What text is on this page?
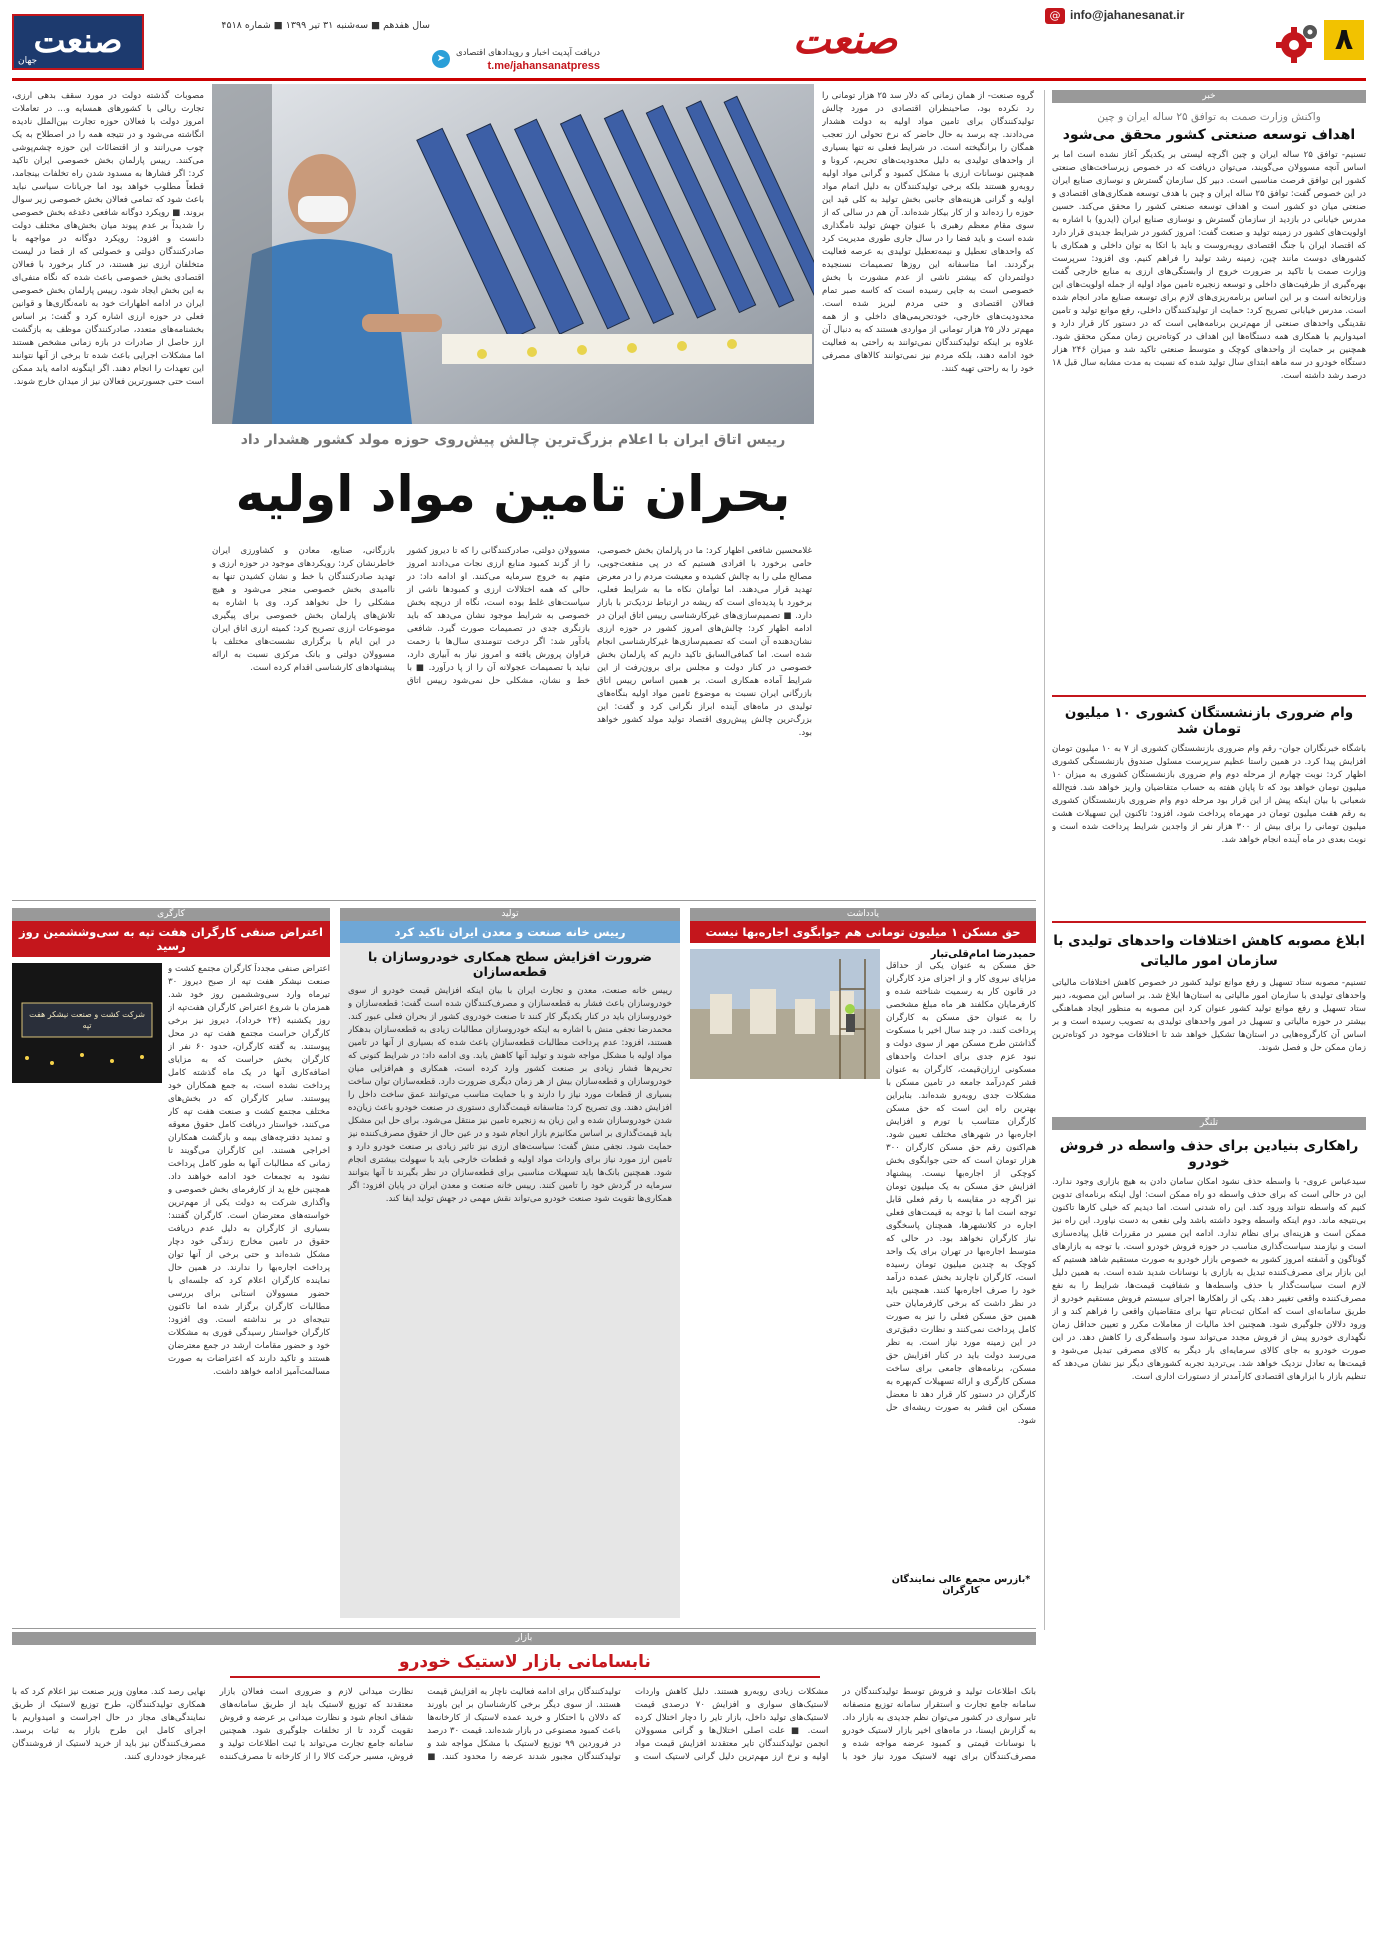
۸
@ info@jahanesanat.ir
صنعت
دریافت آپدیت اخبار و رویدادهای اقتصادی
t.me/jahansanatpress
➤
سال هفدهم ■ سه‌شنبه ۳۱ تیر ۱۳۹۹ ■ شماره ۴۵۱۸
صنعت
جهان
خبر
واکنش وزارت صمت به توافق ۲۵ ساله ایران و چین
اهداف توسعه صنعتی کشور محقق می‌شود
تسنیم- توافق ۲۵ ساله ایران و چین اگرچه لیستی بر یکدیگر آغاز نشده است اما بر اساس آنچه مسوولان می‌گویند، می‌توان دریافت که در خصوص زیرساخت‌های صنعتی کشور این توافق فرصت مناسبی است. دبیر کل سازمان گسترش و نوسازی صنایع ایران در این خصوص گفت: توافق ۲۵ ساله ایران و چین با هدف توسعه همکاری‌های اقتصادی و صنعتی میان دو کشور است و اهداف توسعه صنعتی کشور را محقق می‌کند. حسین مدرس خیابانی در بازدید از سازمان گسترش و نوسازی صنایع ایران (ایدرو) با اشاره به اولویت‌های کشور در زمینه تولید و صنعت گفت: امروز کشور در شرایط جدیدی قرار دارد که اقتصاد ایران با جنگ اقتصادی روبه‌روست و باید با اتکا به توان داخلی و همکاری با کشورهای دوست مانند چین، زمینه رشد تولید را فراهم کنیم. وی افزود: سرپرست وزارت صمت با تاکید بر ضرورت خروج از وابستگی‌های ارزی به منابع خارجی گفت بهره‌گیری از ظرفیت‌های داخلی و توسعه زنجیره تامین مواد اولیه از جمله اولویت‌های این وزارتخانه است و بر این اساس برنامه‌ریزی‌های لازم برای توسعه صنایع مادر انجام شده است. مدرس خیابانی تصریح کرد: حمایت از تولیدکنندگان داخلی، رفع موانع تولید و تامین نقدینگی واحدهای صنعتی از مهم‌ترین برنامه‌هایی است که در دستور کار قرار دارد و امیدواریم با همکاری همه دستگاه‌ها این اهداف در کوتاه‌ترین زمان ممکن محقق شود. همچنین بر حمایت از واحدهای کوچک و متوسط صنعتی تاکید شد و میزان ۲۴۶ هزار دستگاه خودرو در سه ماهه ابتدای سال تولید شده که نسبت به مدت مشابه سال قبل ۱۸ درصد رشد داشته است.
وام ضروری بازنشستگان کشوری ۱۰ میلیون تومان شد
باشگاه خبرنگاران جوان- رقم وام ضروری بازنشستگان کشوری از ۷ به ۱۰ میلیون تومان افزایش پیدا کرد. در همین راستا عظیم سرپرست مسئول صندوق بازنشستگی کشوری اظهار کرد: نوبت چهارم از مرحله دوم وام ضروری بازنشستگان کشوری به میزان ۱۰ میلیون تومان خواهد بود که تا پایان هفته به حساب متقاضیان واریز خواهد شد. فتح‌الله شعبانی با بیان اینکه پیش از این قرار بود مرحله دوم وام ضروری بازنشستگان کشوری به رقم هفت میلیون تومان در مهرماه پرداخت شود، افزود: تاکنون این تسهیلات هشت میلیون تومانی را برای بیش از ۳۰۰ هزار نفر از واجدین شرایط پرداخت شده است و نوبت بعدی در ماه آینده انجام خواهد شد.
ابلاغ مصوبه کاهش اختلافات واحدهای تولیدی با سازمان امور مالیاتی
تسنیم- مصوبه ستاد تسهیل و رفع موانع تولید کشور در خصوص کاهش اختلافات مالیاتی واحدهای تولیدی با سازمان امور مالیاتی به استان‌ها ابلاغ شد. بر اساس این مصوبه، دبیر ستاد تسهیل و رفع موانع تولید کشور عنوان کرد این مصوبه به منظور ایجاد هماهنگی بیشتر در حوزه مالیاتی و تسهیل در امور واحدهای تولیدی به تصویب رسیده است و بر اساس آن کارگروه‌هایی در استان‌ها تشکیل خواهد شد تا اختلافات موجود در کوتاه‌ترین زمان ممکن حل و فصل شوند.
تلنگر
راهکاری بنیادین برای حذف واسطه در فروش خودرو
سیدعباس عروی- با واسطه حذف نشود امکان سامان دادن به هیچ بازاری وجود ندارد. این در حالی است که برای حذف واسطه دو راه ممکن است: اول اینکه برنامه‌ای تدوین کنیم که واسطه نتواند ورود کند. این راه شدنی است. اما دیدیم که خیلی کارها تاکنون بی‌نتیجه ماند. دوم اینکه واسطه وجود داشته باشد ولی نفعی به دست نیاورد. این راه نیز ممکن است و هزینه‌ای برای نظام ندارد. ادامه این مسیر در مقررات قابل پیاده‌سازی است و نیازمند سیاست‌گذاری مناسب در حوزه فروش خودرو است. با توجه به بازارهای گوناگون و آشفته امروز کشور به خصوص بازار خودرو به صورت مستقیم شاهد هستیم که این بازار برای مصرف‌کننده تبدیل به بازاری با نوسانات شدید شده است. به همین دلیل لازم است سیاست‌گذار با حذف واسطه‌ها و شفافیت قیمت‌ها، شرایط را به نفع مصرف‌کننده واقعی تغییر دهد. یکی از راهکارها اجرای سیستم فروش مستقیم خودرو از طریق سامانه‌ای است که امکان ثبت‌نام تنها برای متقاضیان واقعی را فراهم کند و از ورود دلالان جلوگیری شود. همچنین اخذ مالیات از معاملات مکرر و تعیین حداقل زمان نگهداری خودرو پیش از فروش مجدد می‌تواند سود واسطه‌گری را کاهش دهد. در این صورت خودرو به جای کالای سرمایه‌ای بار دیگر به کالای مصرفی تبدیل می‌شود و قیمت‌ها به تعادل نزدیک خواهد شد. بی‌تردید تجربه کشورهای دیگر نیز نشان می‌دهد که تنظیم بازار با ابزارهای اقتصادی کارآمدتر از دستورات اداری است.
رییس اتاق ایران با اعلام بزرگ‌ترین چالش پیش‌روی حوزه مولد کشور هشدار داد
بحران تامین مواد اولیه
گروه صنعت- از همان زمانی که دلار سد ۲۵ هزار تومانی را رد نکرده بود، صاحبنظران اقتصادی در مورد چالش تولیدکنندگان برای تامین مواد اولیه به دولت هشدار می‌دادند. چه برسد به حال حاضر که نرخ تحولی ارز تعجب همگان را برانگیخته است. در شرایط فعلی نه تنها بسیاری از واحدهای تولیدی به دلیل محدودیت‌های تحریم، کرونا و همچنین نوسانات ارزی با مشکل کمبود و گرانی مواد اولیه روبه‌رو هستند بلکه برخی تولیدکنندگان به دلیل اتمام مواد اولیه و گرانی هزینه‌های جانبی بخش تولید به کلی قید این حوزه را زده‌اند و از کار بیکار شده‌اند. آن هم در سالی که از سوی مقام معظم رهبری با عنوان جهش تولید نامگذاری شده است و باید فضا را در سال جاری طوری مدیریت کرد که واحدهای تعطیل و نیمه‌تعطیل تولیدی به عرصه فعالیت برگردند. اما متاسفانه این روزها تصمیمات نسنجیده دولتمردان که بیشتر ناشی از عدم مشورت با بخش خصوصی است به جایی رسیده است که کاسه صبر تمام فعالان اقتصادی و حتی مردم لبریز شده است. محدودیت‌های خارجی، خودتحریمی‌های داخلی و از همه مهم‌تر دلار ۲۵ هزار تومانی از مواردی هستند که به دنبال آن علاوه بر اینکه تولیدکنندگان نمی‌توانند به راحتی به فعالیت خود ادامه دهند، بلکه مردم نیز نمی‌توانند کالاهای مصرفی خود را به راحتی تهیه کنند.
غلامحسین شافعی اظهار کرد: ما در پارلمان بخش خصوصی، حامی برخورد با افرادی هستیم که در پی منفعت‌جویی، مصالح ملی را به چالش کشیده و معیشت مردم را در معرض تهدید قرار می‌دهند. اما توأمان نکاه ما به شرایط فعلی، برخورد با پدیده‌ای است که ریشه در ارتباط نزدیک‌تر با بازار دارد. ■ تصمیم‌سازی‌های غیرکارشناسی رییس اتاق ایران در ادامه اظهار کرد: چالش‌های امروز کشور در حوزه ارزی نشان‌دهنده آن است که تصمیم‌سازی‌ها غیرکارشناسی انجام شده است. اما کمافی‌السابق تاکید داریم که پارلمان بخش خصوصی در کنار دولت و مجلس برای برون‌رفت از این شرایط آماده همکاری است. بر همین اساس رییس اتاق بازرگانی ایران نسبت به موضوع تامین مواد اولیه بنگاه‌های تولیدی در ماه‌های آینده ابراز نگرانی کرد و گفت: این بزرگ‌ترین چالش پیش‌روی اقتصاد تولید مولد کشور خواهد بود.
مسوولان دولتی، صادرکنندگانی را که تا دیروز کشور را از گزند کمبود منابع ارزی نجات می‌دادند امروز متهم به خروج سرمایه می‌کنند. او ادامه داد: در حالی که همه اختلالات ارزی و کمبودها ناشی از سیاست‌های غلط بوده است، نگاه از دریچه بخش خصوصی به شرایط موجود نشان می‌دهد که باید بازنگری جدی در تصمیمات صورت گیرد. شافعی یادآور شد: اگر درخت تنومندی سال‌ها با زحمت فراوان پرورش یافته و امروز نیاز به آبیاری دارد، نباید با تصمیمات عجولانه آن را از پا درآورد. ■ با خط و نشان، مشکلی حل نمی‌شود رییس اتاق بازرگانی، صنایع، معادن و کشاورزی ایران خاطرنشان کرد: رویکردهای موجود در حوزه ارزی و تهدید صادرکنندگان با خط و نشان کشیدن تنها به ناامیدی بخش خصوصی منجر می‌شود و هیچ مشکلی را حل نخواهد کرد. وی با اشاره به تلاش‌های پارلمان بخش خصوصی برای پیگیری موضوعات ارزی تصریح کرد: کمیته ارزی اتاق ایران در این ایام با برگزاری نشست‌های مختلف با مسوولان دولتی و بانک مرکزی نسبت به ارائه پیشنهادهای کارشناسی اقدام کرده است.
مصوبات گذشته دولت در مورد سقف بدهی ارزی، تجارت ریالی با کشورهای همسایه و... در تعاملات امروز دولت با فعالان حوزه تجارت بین‌الملل نادیده انگاشته می‌شود و در نتیجه همه را در اصطلاح به یک چوب می‌رانند و از اقتضائات این حوزه چشم‌پوشی می‌کنند. رییس پارلمان بخش خصوصی ایران تاکید کرد: اگر فشارها به مسدود شدن راه تخلفات بینجامد، قطعاً مطلوب خواهد بود اما جریانات سیاسی نباید باعث شود که تمامی فعالان بخش خصوصی زیر سوال بروند. ■ رویکرد دوگانه شافعی دغدغه بخش خصوصی را شدیداً بر عدم پیوند میان بخش‌های مختلف دولت دانست و افزود: رویکرد دوگانه در مواجهه با صادرکنندگان دولتی و خصولتی که از قضا در لیست متخلفان ارزی نیز هستند، در کنار برخورد با فعالان اقتصادی بخش خصوصی باعث شده که نگاه منفی‌ای به این بخش ایجاد شود. رییس پارلمان بخش خصوصی ایران در ادامه اظهارات خود به نامه‌نگاری‌ها و قوانین فعلی در حوزه ارزی اشاره کرد و گفت: بر اساس بخشنامه‌های متعدد، صادرکنندگان موظف به بازگشت ارز حاصل از صادرات در بازه زمانی مشخص هستند اما مشکلات اجرایی باعث شده تا برخی از آنها نتوانند این تعهدات را انجام دهند. اگر اینگونه ادامه یابد ممکن است حتی جسورترین فعالان نیز از میدان خارج شوند.
کارگری
اعتراض صنفی کارگران هفت تپه به سی‌وششمین روز رسید
اعتراض صنفی مجدداً کارگران مجتمع کشت و صنعت نیشکر هفت تپه از صبح دیروز ۳۰ تیرماه وارد سی‌وششمین روز خود شد. همزمان با شروع اعتراض کارگران هفت‌تپه از روز یکشنبه (۲۴ خرداد)، دیروز نیز برخی کارگران حراست مجتمع هفت تپه در محل پیوستند. به گفته کارگران، حدود ۶۰ نفر از کارگران بخش حراست که به مزایای اضافه‌کاری آنها در یک ماه گذشته کامل پرداخت نشده است، به جمع همکاران خود پیوستند. سایر کارگران که در بخش‌های مختلف مجتمع کشت و صنعت هفت تپه کار می‌کنند، خواستار دریافت کامل حقوق معوقه و تمدید دفترچه‌های بیمه و بازگشت همکاران اخراجی هستند. این کارگران می‌گویند تا زمانی که مطالبات آنها به طور کامل پرداخت نشود به تجمعات خود ادامه خواهند داد. همچنین خلع ید از کارفرمای بخش خصوصی و واگذاری شرکت به دولت یکی از مهم‌ترین خواسته‌های معترضان است. کارگران گفتند: بسیاری از کارگران به دلیل عدم دریافت حقوق در تامین مخارج زندگی خود دچار مشکل شده‌اند و حتی برخی از آنها توان پرداخت اجاره‌بها را ندارند. در همین حال نماینده کارگران اعلام کرد که جلسه‌ای با حضور مسوولان استانی برای بررسی مطالبات کارگران برگزار شده اما تاکنون نتیجه‌ای در بر نداشته است. وی افزود: کارگران خواستار رسیدگی فوری به مشکلات خود و حضور مقامات ارشد در جمع معترضان هستند و تاکید دارند که اعتراضات به صورت مسالمت‌آمیز ادامه خواهد داشت.
شرکت کشت و صنعت نیشکر هفت تپه
تولید
رییس خانه صنعت و معدن ایران تاکید کرد
ضرورت افزایش سطح همکاری خودروسازان با قطعه‌سازان
رییس خانه صنعت، معدن و تجارت ایران با بیان اینکه افزایش قیمت خودرو از سوی خودروسازان باعث فشار به قطعه‌سازان و مصرف‌کنندگان شده است گفت: قطعه‌سازان و خودروسازان باید در کنار یکدیگر کار کنند تا صنعت خودروی کشور از بحران فعلی عبور کند. محمدرضا نجفی منش با اشاره به اینکه خودروسازان مطالبات زیادی به قطعه‌سازان بدهکار هستند، افزود: عدم پرداخت مطالبات قطعه‌سازان باعث شده که بسیاری از آنها در تامین مواد اولیه با مشکل مواجه شوند و تولید آنها کاهش یابد. وی ادامه داد: در شرایط کنونی که تحریم‌ها فشار زیادی بر صنعت کشور وارد کرده است، همکاری و هم‌افزایی میان خودروسازان و قطعه‌سازان بیش از هر زمان دیگری ضرورت دارد. قطعه‌سازان توان ساخت بسیاری از قطعات مورد نیاز را دارند و با حمایت مناسب می‌توانند عمق ساخت داخل را افزایش دهند. وی تصریح کرد: متاسفانه قیمت‌گذاری دستوری در صنعت خودرو باعث زیان‌ده شدن خودروسازان شده و این زیان به زنجیره تامین نیز منتقل می‌شود. برای حل این مشکل باید قیمت‌گذاری بر اساس مکانیزم بازار انجام شود و در عین حال از حقوق مصرف‌کننده نیز حمایت شود. نجفی منش گفت: سیاست‌های ارزی نیز تاثیر زیادی بر صنعت خودرو دارد و تامین ارز مورد نیاز برای واردات مواد اولیه و قطعات خارجی باید با سهولت بیشتری انجام شود. همچنین بانک‌ها باید تسهیلات مناسبی برای قطعه‌سازان در نظر بگیرند تا آنها بتوانند سرمایه در گردش خود را تامین کنند. رییس خانه صنعت و معدن ایران در پایان افزود: اگر همکاری‌ها تقویت شود صنعت خودرو می‌تواند نقش مهمی در جهش تولید ایفا کند.
یادداشت
حق مسکن ۱ میلیون تومانی هم جوابگوی اجاره‌بها نیست
حمیدرضا امام‌قلی‌تبار
حق مسکن به عنوان یکی از حداقل مزایای نیروی کار و از اجزای مزد کارگران در قانون کار به رسمیت شناخته شده و کارفرمایان مکلفند هر ماه مبلغ مشخصی را به عنوان حق مسکن به کارگران پرداخت کنند. در چند سال اخیر با مسکوت گذاشتن طرح مسکن مهر از سوی دولت و نبود عزم جدی برای احداث واحدهای مسکونی ارزان‌قیمت، کارگران به عنوان قشر کم‌درآمد جامعه در تامین مسکن با مشکلات جدی روبه‌رو شده‌اند. بنابراین بهترین راه این است که حق مسکن کارگران متناسب با تورم و افزایش اجاره‌بها در شهرهای مختلف تعیین شود. هم‌اکنون رقم حق مسکن کارگران ۳۰۰ هزار تومان است که حتی جوابگوی بخش کوچکی از اجاره‌بها نیست. پیشنهاد افزایش حق مسکن به یک میلیون تومان نیز اگرچه در مقایسه با رقم فعلی قابل توجه است اما با توجه به قیمت‌های فعلی اجاره در کلانشهرها، همچنان پاسخگوی نیاز کارگران نخواهد بود. در حالی که متوسط اجاره‌بها در تهران برای یک واحد کوچک به چندین میلیون تومان رسیده است، کارگران ناچارند بخش عمده درآمد خود را صرف اجاره‌بها کنند. همچنین باید در نظر داشت که برخی کارفرمایان حتی همین حق مسکن فعلی را نیز به صورت کامل پرداخت نمی‌کنند و نظارت دقیق‌تری در این زمینه مورد نیاز است. به نظر می‌رسد دولت باید در کنار افزایش حق مسکن، برنامه‌های جامعی برای ساخت مسکن کارگری و ارائه تسهیلات کم‌بهره به کارگران در دستور کار قرار دهد تا معضل مسکن این قشر به صورت ریشه‌ای حل شود.
*بازرس مجمع عالی نمایندگان کارگران
بازار
نابسامانی بازار لاستیک خودرو
بانک اطلاعات تولید و فروش توسط تولیدکنندگان در سامانه جامع تجارت و استقرار سامانه توزیع منصفانه تایر سواری در کشور می‌توان نظم جدیدی به بازار داد. به گزارش ایسنا، در ماه‌های اخیر بازار لاستیک خودرو با نوسانات قیمتی و کمبود عرضه مواجه شده و مصرف‌کنندگان برای تهیه لاستیک مورد نیاز خود با مشکلات زیادی روبه‌رو هستند. دلیل کاهش واردات لاستیک‌های سواری و افزایش ۷۰ درصدی قیمت لاستیک‌های تولید داخل، بازار تایر را دچار اختلال کرده است. ■ علت اصلی اختلال‌ها و گرانی مسوولان انجمن تولیدکنندگان تایر معتقدند افزایش قیمت مواد اولیه و نرخ ارز مهم‌ترین دلیل گرانی لاستیک است و تولیدکنندگان برای ادامه فعالیت ناچار به افزایش قیمت هستند. از سوی دیگر برخی کارشناسان بر این باورند که دلالان با احتکار و خرید عمده لاستیک از کارخانه‌ها باعث کمبود مصنوعی در بازار شده‌اند. قیمت ۳۰ درصد در فروردین ۹۹ توزیع لاستیک با مشکل مواجه شد و تولیدکنندگان مجبور شدند عرضه را محدود کنند. ■ نظارت میدانی لازم و ضروری است فعالان بازار معتقدند که توزیع لاستیک باید از طریق سامانه‌های شفاف انجام شود و نظارت میدانی بر عرضه و فروش تقویت گردد تا از تخلفات جلوگیری شود. همچنین سامانه جامع تجارت می‌تواند با ثبت اطلاعات تولید و فروش، مسیر حرکت کالا را از کارخانه تا مصرف‌کننده نهایی رصد کند. معاون وزیر صنعت نیز اعلام کرد که با همکاری تولیدکنندگان، طرح توزیع لاستیک از طریق نمایندگی‌های مجاز در حال اجراست و امیدواریم با اجرای کامل این طرح بازار به ثبات برسد. مصرف‌کنندگان نیز باید از خرید لاستیک از فروشندگان غیرمجاز خودداری کنند.
